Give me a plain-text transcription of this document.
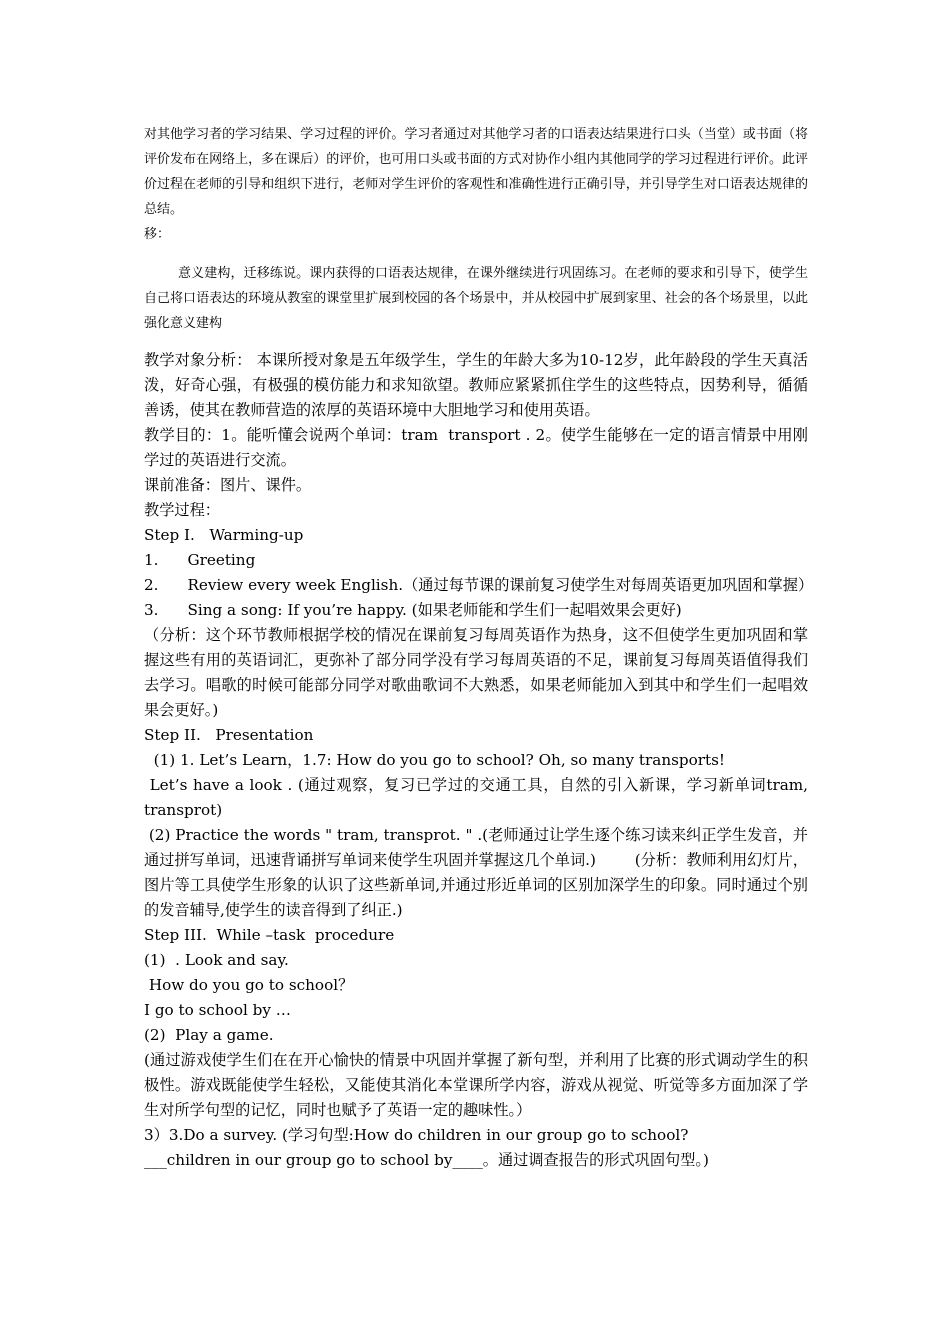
对其他学习者的学习结果、学习过程的评价。学习者通过对其他学习者的口语表达结果进行口头（当堂）或书面（将评价发布在网络上，多在课后）的评价，也可用口头或书面的方式对协作小组内其他同学的学习过程进行评价。此评价过程在老师的引导和组织下进行，老师对学生评价的客观性和准确性进行正确引导，并引导学生对口语表达规律的总结。

移：

意义建构，迁移练说。课内获得的口语表达规律，在课外继续进行巩固练习。在老师的要求和引导下，使学生自己将口语表达的环境从教室的课堂里扩展到校园的各个场景中，并从校园中扩展到家里、社会的各个场景里，以此强化意义建构

教学对象分析： 本课所授对象是五年级学生，学生的年龄大多为10-12岁，此年龄段的学生天真活泼，好奇心强，有极强的模仿能力和求知欲望。教师应紧紧抓住学生的这些特点，因势利导，循循善诱，使其在教师营造的浓厚的英语环境中大胆地学习和使用英语。

教学目的：1。能听懂会说两个单词：tram  transport . 2。使学生能够在一定的语言情景中用刚学过的英语进行交流。

课前准备：图片、课件。

教学过程：

Step I.   Warming-up

1.      Greeting

2.      Review every week English.（通过每节课的课前复习使学生对每周英语更加巩固和掌握）

3.      Sing a song: If you’re happy. (如果老师能和学生们一起唱效果会更好)

（分析：这个环节教师根据学校的情况在课前复习每周英语作为热身，这不但使学生更加巩固和掌握这些有用的英语词汇，更弥补了部分同学没有学习每周英语的不足，课前复习每周英语值得我们去学习。唱歌的时候可能部分同学对歌曲歌词不大熟悉，如果老师能加入到其中和学生们一起唱效果会更好。)

Step II.   Presentation

(1) 1. Let’s Learn，1.7: How do you go to school? Oh, so many transports!

Let’s have a look . (通过观察，复习已学过的交通工具，自然的引入新课，学习新单词tram, transprot)

(2) Practice the words " tram, transprot. " .(老师通过让学生逐个练习读来纠正学生发音，并通过拼写单词，迅速背诵拼写单词来使学生巩固并掌握这几个单词.)        (分析：教师利用幻灯片，图片等工具使学生形象的认识了这些新单词,并通过形近单词的区别加深学生的印象。同时通过个别的发音辅导,使学生的读音得到了纠正.)

Step III.  While –task  procedure

(1)  . Look and say.

How do you go to school？

I go to school by …

(2)  Play a game.

(通过游戏使学生们在在开心愉快的情景中巩固并掌握了新句型，并利用了比赛的形式调动学生的积极性。游戏既能使学生轻松，又能使其消化本堂课所学内容，游戏从视觉、听觉等多方面加深了学生对所学句型的记忆，同时也赋予了英语一定的趣味性。）

3）3.Do a survey. (学习句型:How do children in our group go to school?

___children in our group go to school by____。通过调查报告的形式巩固句型。)
